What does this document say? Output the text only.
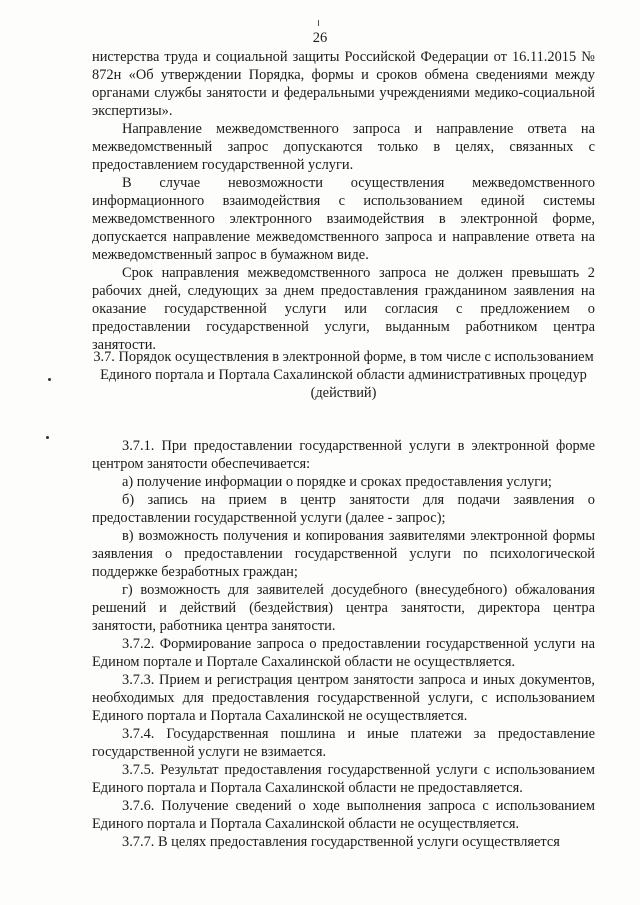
26

нистерства труда и социальной защиты Российской Федерации от 16.11.2015 № 872н «Об утверждении Порядка, формы и сроков обмена сведениями между органами службы занятости и федеральными учреждениями медико-социальной экспертизы».

Направление межведомственного запроса и направление ответа на межведомственный запрос допускаются только в целях, связанных с предоставлением государственной услуги.

В случае невозможности осуществления межведомственного информационного взаимодействия с использованием единой системы межведомственного электронного взаимодействия в электронной форме, допускается направление межведомственного запроса и направление ответа на межведомственный запрос в бумажном виде.

Срок направления межведомственного запроса не должен превышать 2 рабочих дней, следующих за днем предоставления гражданином заявления на оказание государственной услуги или согласия с предложением о предоставлении государственной услуги, выданным работником центра занятости.

3.7. Порядок осуществления в электронной форме, в том числе с использованием Единого портала и Портала Сахалинской области административных процедур (действий)

3.7.1. При предоставлении государственной услуги в электронной форме центром занятости обеспечивается:

а) получение информации о порядке и сроках предоставления услуги;

б) запись на прием в центр занятости для подачи заявления о предоставлении государственной услуги (далее - запрос);

в) возможность получения и копирования заявителями электронной формы заявления о предоставлении государственной услуги по психологической поддержке безработных граждан;

г) возможность для заявителей досудебного (внесудебного) обжалования решений и действий (бездействия) центра занятости, директора центра занятости, работника центра занятости.

3.7.2. Формирование запроса о предоставлении государственной услуги на Едином портале и Портале Сахалинской области не осуществляется.

3.7.3. Прием и регистрация центром занятости запроса и иных документов, необходимых для предоставления государственной услуги, с использованием Единого портала и Портала Сахалинской не осуществляется.

3.7.4. Государственная пошлина и иные платежи за предоставление государственной услуги не взимается.

3.7.5. Результат предоставления государственной услуги с использованием Единого портала и Портала Сахалинской области не предоставляется.

3.7.6. Получение сведений о ходе выполнения запроса с использованием Единого портала и Портала Сахалинской области не осуществляется.

3.7.7. В целях предоставления государственной услуги осуществляется
